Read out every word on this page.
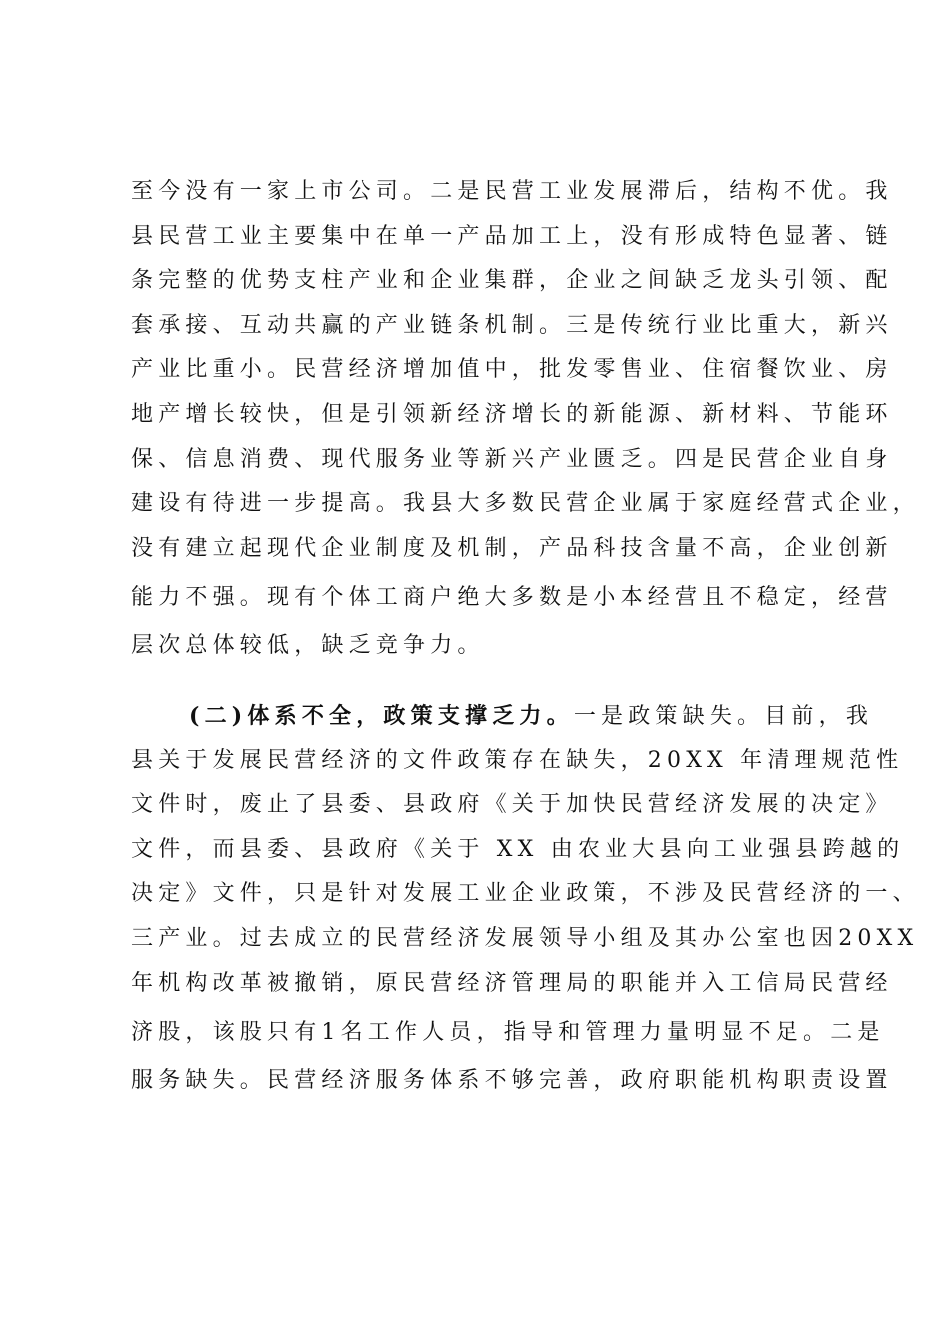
至今没有一家上市公司。二是民营工业发展滞后，结构不优。我
县民营工业主要集中在单一产品加工上，没有形成特色显著、链
条完整的优势支柱产业和企业集群，企业之间缺乏龙头引领、配
套承接、互动共赢的产业链条机制。三是传统行业比重大，新兴
产业比重小。民营经济增加值中，批发零售业、住宿餐饮业、房
地产增长较快，但是引领新经济增长的新能源、新材料、节能环
保、信息消费、现代服务业等新兴产业匮乏。四是民营企业自身
建设有待进一步提高。我县大多数民营企业属于家庭经营式企业，
没有建立起现代企业制度及机制，产品科技含量不高，企业创新
能力不强。现有个体工商户绝大多数是小本经营且不稳定，经营
层次总体较低，缺乏竞争力。
(二)体系不全，政策支撑乏力。一是政策缺失。目前，我
县关于发展民营经济的文件政策存在缺失，20XX 年清理规范性
文件时，废止了县委、县政府《关于加快民营经济发展的决定》
文件，而县委、县政府《关于 XX 由农业大县向工业强县跨越的
决定》文件，只是针对发展工业企业政策，不涉及民营经济的一、
三产业。过去成立的民营经济发展领导小组及其办公室也因20XX
年机构改革被撤销，原民营经济管理局的职能并入工信局民营经
济股，该股只有1名工作人员，指导和管理力量明显不足。二是
服务缺失。民营经济服务体系不够完善，政府职能机构职责设置
